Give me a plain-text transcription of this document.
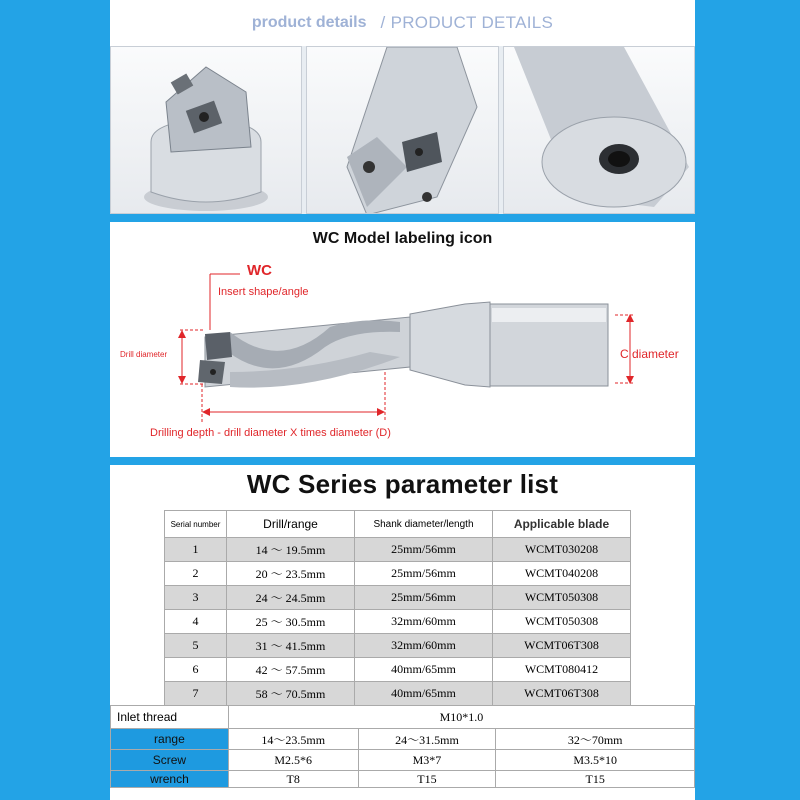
product details / PRODUCT DETAILS
WC Model labeling icon
WC
Insert shape/angle
Drill diameter	C diameter
Drilling depth - drill diameter X times diameter (D)
WC Series parameter list
Serial number	Drill/range	Shank diameter/length	Applicable blade
1	14 ～ 19.5mm	25mm/56mm	WCMT030208
2	20 ～ 23.5mm	25mm/56mm	WCMT040208
3	24 ～ 24.5mm	25mm/56mm	WCMT050308
4	25 ～ 30.5mm	32mm/60mm	WCMT050308
5	31 ～ 41.5mm	32mm/60mm	WCMT06T308
6	42 ～ 57.5mm	40mm/65mm	WCMT080412
7	58 ～ 70.5mm	40mm/65mm	WCMT06T308
Inlet thread	M10*1.0		
range	14～23.5mm	24～31.5mm	32～70mm
Screw	M2.5*6	M3*7	M3.5*10
wrench	T8	T15	T15
